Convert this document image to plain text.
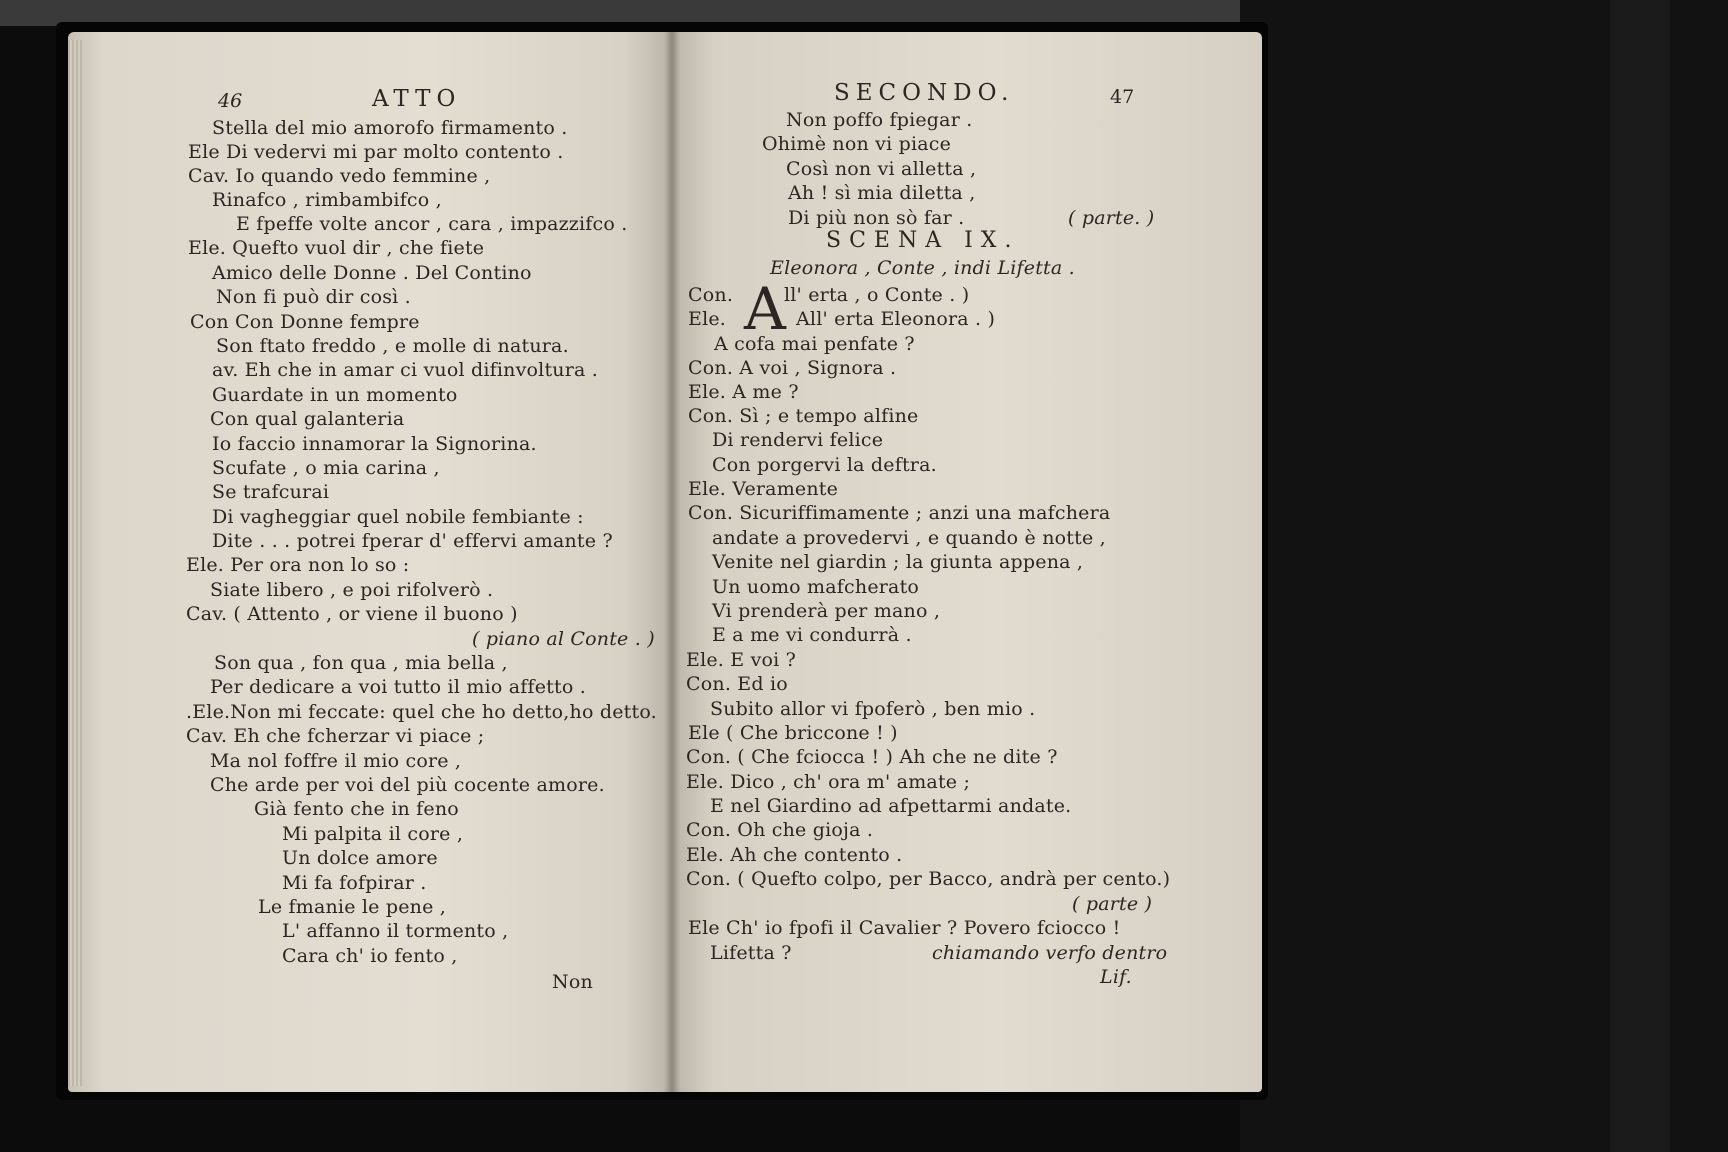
46	ATTO	SECONDO.	47
SCENA IX.
Eleonora , Conte , indi Lifetta .
A
Stella del mio amorofo firmamento .
Ele Di vedervi mi par molto contento .
Cav. Io quando vedo femmine ,
Rinafco , rimbambifco ,
E fpeffe volte ancor , cara , impazzifco .
Ele. Quefto vuol dir , che fiete
Amico delle Donne . Del Contino
Non fi può dir così .
Con Con Donne fempre
Son ftato freddo , e molle di natura.
av. Eh che in amar ci vuol difinvoltura .
Guardate in un momento
Con qual galanteria
Io faccio innamorar la Signorina.
Scufate , o mia carina ,
Se trafcurai
Di vagheggiar quel nobile fembiante :
Dite . . . potrei fperar d' effervi amante ?
Ele. Per ora non lo so :
Siate libero , e poi rifolverò .
Cav. ( Attento , or viene il buono )
( piano al Conte . )
Son qua , fon qua , mia bella ,
Per dedicare a voi tutto il mio affetto .
.Ele.Non mi feccate: quel che ho detto,ho detto.
Cav. Eh che fcherzar vi piace ;
Ma nol foffre il mio core ,
Che arde per voi del più cocente amore.
Già fento che in feno
Mi palpita il core ,
Un dolce amore
Mi fa fofpirar .
Le fmanie le pene ,
L' affanno il tormento ,
Cara ch' io fento ,
Non
Non poffo fpiegar .
Ohimè non vi piace
Così non vi alletta ,
Ah ! sì mia diletta ,
Di più non sò far .	( parte. )
Con.	ll' erta , o Conte . )
Ele.	All' erta Eleonora . )
A cofa mai penfate ?
Con. A voi , Signora .
Ele. A me ?
Con. Sì ; e tempo alfine
Di rendervi felice
Con porgervi la deftra.
Ele. Veramente
Con. Sicuriffimamente ; anzi una mafchera
andate a provedervi , e quando è notte ,
Venite nel giardin ; la giunta appena ,
Un uomo mafcherato
Vi prenderà per mano ,
E a me vi condurrà .
Ele. E voi ?
Con. Ed io
Subito allor vi fpoferò , ben mio .
Ele ( Che briccone ! )
Con. ( Che fciocca ! ) Ah che ne dite ?
Ele. Dico , ch' ora m' amate ;
E nel Giardino ad afpettarmi andate.
Con. Oh che gioja .
Ele. Ah che contento .
Con. ( Quefto colpo, per Bacco, andrà per cento.)
( parte )
Ele Ch' io fpofi il Cavalier ? Povero fciocco !
Lifetta ?	chiamando verfo dentro
Lif.
